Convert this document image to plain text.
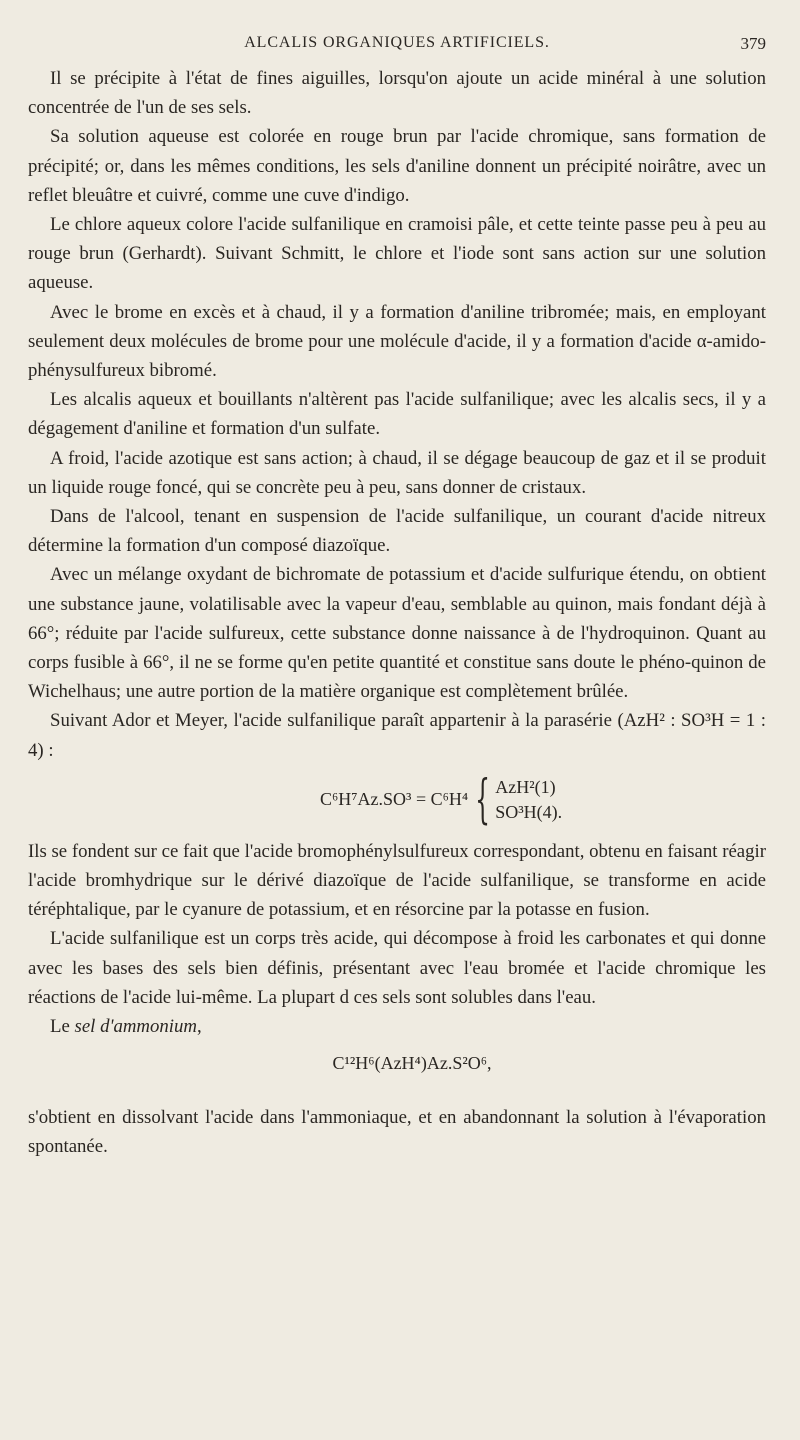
ALCALIS ORGANIQUES ARTIFICIELS.	379

Il se précipite à l'état de fines aiguilles, lorsqu'on ajoute un acide minéral à une solution concentrée de l'un de ses sels.

Sa solution aqueuse est colorée en rouge brun par l'acide chromique, sans formation de précipité; or, dans les mêmes conditions, les sels d'aniline donnent un précipité noirâtre, avec un reflet bleuâtre et cuivré, comme une cuve d'indigo.

Le chlore aqueux colore l'acide sulfanilique en cramoisi pâle, et cette teinte passe peu à peu au rouge brun (Gerhardt). Suivant Schmitt, le chlore et l'iode sont sans action sur une solution aqueuse.

Avec le brome en excès et à chaud, il y a formation d'aniline tribromée; mais, en employant seulement deux molécules de brome pour une molécule d'acide, il y a formation d'acide α-amido-phénysulfureux bibromé.

Les alcalis aqueux et bouillants n'altèrent pas l'acide sulfanilique; avec les alcalis secs, il y a dégagement d'aniline et formation d'un sulfate.

A froid, l'acide azotique est sans action; à chaud, il se dégage beaucoup de gaz et il se produit un liquide rouge foncé, qui se concrète peu à peu, sans donner de cristaux.

Dans de l'alcool, tenant en suspension de l'acide sulfanilique, un courant d'acide nitreux détermine la formation d'un composé diazoïque.

Avec un mélange oxydant de bichromate de potassium et d'acide sulfurique étendu, on obtient une substance jaune, volatilisable avec la vapeur d'eau, semblable au quinon, mais fondant déjà à 66°; réduite par l'acide sulfureux, cette substance donne naissance à de l'hydroquinon. Quant au corps fusible à 66°, il ne se forme qu'en petite quantité et constitue sans doute le phéno-quinon de Wichelhaus; une autre portion de la matière organique est complètement brûlée.

Suivant Ador et Meyer, l'acide sulfanilique paraît appartenir à la parasérie (AzH² : SO³H = 1 : 4) :

C⁶H⁷Az.SO³ = C⁶H⁴ { AzH²(1)
SO³H(4).

Ils se fondent sur ce fait que l'acide bromophénylsulfureux correspondant, obtenu en faisant réagir l'acide bromhydrique sur le dérivé diazoïque de l'acide sulfanilique, se transforme en acide téréphtalique, par le cyanure de potassium, et en résorcine par la potasse en fusion.

L'acide sulfanilique est un corps très acide, qui décompose à froid les carbonates et qui donne avec les bases des sels bien définis, présentant avec l'eau bromée et l'acide chromique les réactions de l'acide lui-même. La plupart d ces sels sont solubles dans l'eau.

Le sel d'ammonium,

C¹²H⁶(AzH⁴)Az.S²O⁶,

s'obtient en dissolvant l'acide dans l'ammoniaque, et en abandonnant la solution à l'évaporation spontanée.
